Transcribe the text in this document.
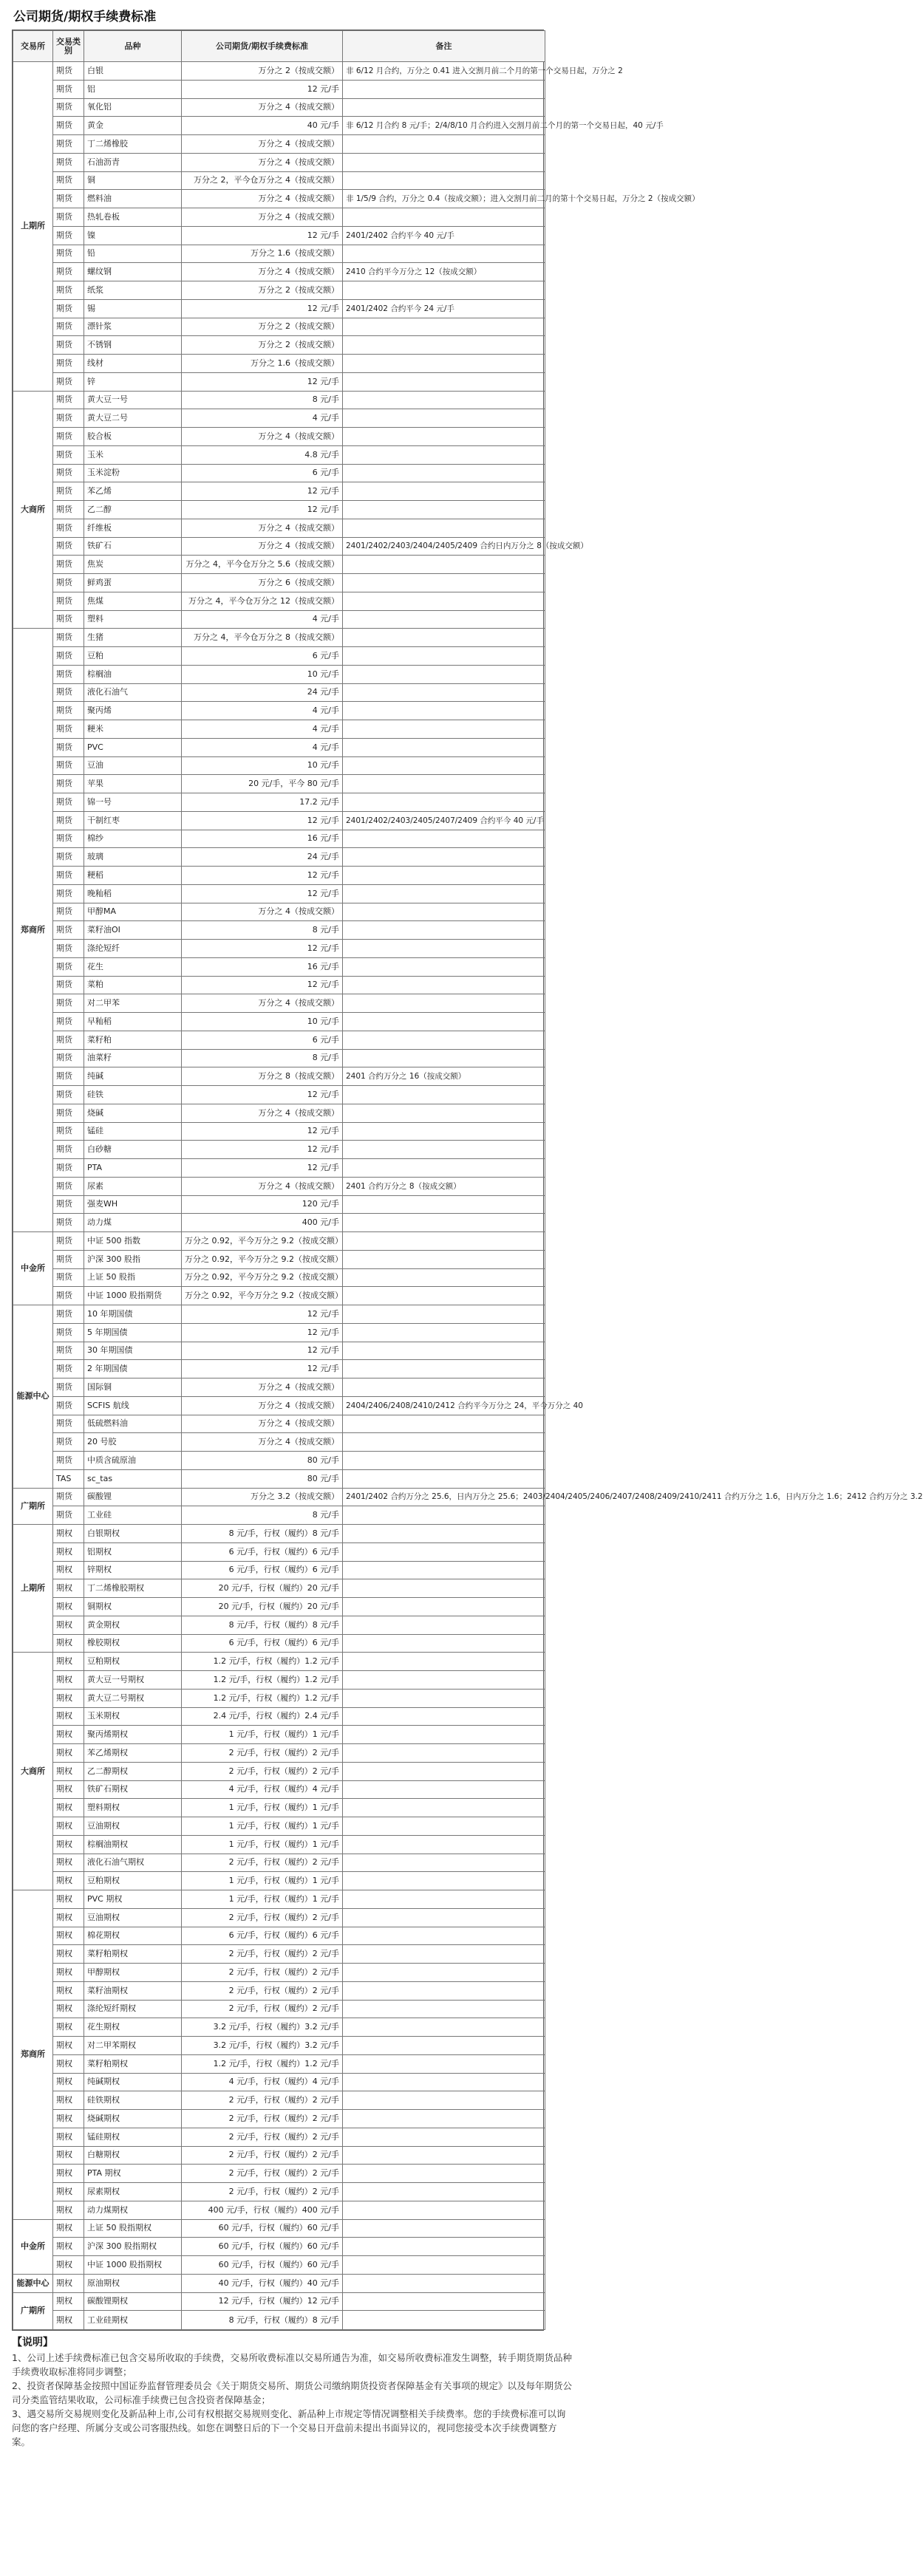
公司期货/期权手续费标准
交易所	交易类别	品种	公司期货/期权手续费标准	备注
上期所	期货	白银	万分之 2（按成交额）	非 6/12 月合约，万分之 0.41 进入交割月前二个月的第一个交易日起，万分之 2
	期货	铝	12 元/手	
	期货	氧化铝	万分之 4（按成交额）	
	期货	黄金	40 元/手	非 6/12 月合约 8 元/手；2/4/8/10 月合约进入交割月前二个月的第一个交易日起，40 元/手
	期货	丁二烯橡胶	万分之 4（按成交额）	
	期货	石油沥青	万分之 4（按成交额）	
	期货	铜	万分之 2，平今仓万分之 4（按成交额）	
	期货	燃料油	万分之 4（按成交额）	非 1/5/9 合约，万分之 0.4（按成交额）；进入交割月前二月的第十个交易日起，万分之 2（按成交额）
	期货	热轧卷板	万分之 4（按成交额）	
	期货	镍	12 元/手	2401/2402 合约平今 40 元/手
	期货	铅	万分之 1.6（按成交额）	
	期货	螺纹钢	万分之 4（按成交额）	2410 合约平今万分之 12（按成交额）
	期货	纸浆	万分之 2（按成交额）	
	期货	锡	12 元/手	2401/2402 合约平今 24 元/手
	期货	漂针浆	万分之 2（按成交额）	
	期货	不锈钢	万分之 2（按成交额）	
	期货	线材	万分之 1.6（按成交额）	
	期货	锌	12 元/手	
大商所	期货	黄大豆一号	8 元/手	
	期货	黄大豆二号	4 元/手	
	期货	胶合板	万分之 4（按成交额）	
	期货	玉米	4.8 元/手	
	期货	玉米淀粉	6 元/手	
	期货	苯乙烯	12 元/手	
	期货	乙二醇	12 元/手	
	期货	纤维板	万分之 4（按成交额）	
	期货	铁矿石	万分之 4（按成交额）	2401/2402/2403/2404/2405/2409 合约日内万分之 8（按成交额）
	期货	焦炭	万分之 4，平今仓万分之 5.6（按成交额）	
	期货	鲜鸡蛋	万分之 6（按成交额）	
	期货	焦煤	万分之 4，平今仓万分之 12（按成交额）	
	期货	塑料	4 元/手	
郑商所	期货	生猪	万分之 4，平今仓万分之 8（按成交额）	
	期货	豆粕	6 元/手	
	期货	棕榈油	10 元/手	
	期货	液化石油气	24 元/手	
	期货	聚丙烯	4 元/手	
	期货	粳米	4 元/手	
	期货	PVC	4 元/手	
	期货	豆油	10 元/手	
	期货	苹果	20 元/手，平今 80 元/手	
	期货	锦一号	17.2 元/手	
	期货	干制红枣	12 元/手	2401/2402/2403/2405/2407/2409 合约平今 40 元/手
	期货	棉纱	16 元/手	
	期货	玻璃	24 元/手	
	期货	粳稻	12 元/手	
	期货	晚籼稻	12 元/手	
	期货	甲醇MA	万分之 4（按成交额）	
	期货	菜籽油OI	8 元/手	
	期货	涤纶短纤	12 元/手	
	期货	花生	16 元/手	
	期货	菜粕	12 元/手	
	期货	对二甲苯	万分之 4（按成交额）	
	期货	早籼稻	10 元/手	
	期货	菜籽粕	6 元/手	
	期货	油菜籽	8 元/手	
	期货	纯碱	万分之 8（按成交额）	2401 合约万分之 16（按成交额）
	期货	硅铁	12 元/手	
	期货	烧碱	万分之 4（按成交额）	
	期货	锰硅	12 元/手	
	期货	白砂糖	12 元/手	
	期货	PTA	12 元/手	
	期货	尿素	万分之 4（按成交额）	2401 合约万分之 8（按成交额）
	期货	强麦WH	120 元/手	
	期货	动力煤	400 元/手	
中金所	期货	中证 500 指数	万分之 0.92，平今万分之 9.2（按成交额）	
	期货	沪深 300 股指	万分之 0.92，平今万分之 9.2（按成交额）	
	期货	上证 50 股指	万分之 0.92，平今万分之 9.2（按成交额）	
	期货	中证 1000 股指期货	万分之 0.92，平今万分之 9.2（按成交额）	
能源中心	期货	10 年期国债	12 元/手	
	期货	5 年期国债	12 元/手	
	期货	30 年期国债	12 元/手	
	期货	2 年期国债	12 元/手	
	期货	国际铜	万分之 4（按成交额）	
	期货	SCFIS 航线	万分之 4（按成交额）	2404/2406/2408/2410/2412 合约平今万分之 24，平今万分之 40
	期货	低硫燃料油	万分之 4（按成交额）	
	期货	20 号胶	万分之 4（按成交额）	
	期货	中质含硫原油	80 元/手	
	TAS	sc_tas	80 元/手	
广期所	期货	碳酸锂	万分之 3.2（按成交额）	2401/2402 合约万分之 25.6，日内万分之 25.6；2403/2404/2405/2406/2407/2408/2409/2410/2411 合约万分之 1.6，日内万分之 1.6；2412 合约万分之 3.2
	期货	工业硅	8 元/手	
上期所	期权	白银期权	8 元/手，行权（履约）8 元/手	
	期权	铝期权	6 元/手，行权（履约）6 元/手	
	期权	锌期权	6 元/手，行权（履约）6 元/手	
	期权	丁二烯橡胶期权	20 元/手，行权（履约）20 元/手	
	期权	铜期权	20 元/手，行权（履约）20 元/手	
	期权	黄金期权	8 元/手，行权（履约）8 元/手	
	期权	橡胶期权	6 元/手，行权（履约）6 元/手	
大商所	期权	豆粕期权	1.2 元/手，行权（履约）1.2 元/手	
	期权	黄大豆一号期权	1.2 元/手，行权（履约）1.2 元/手	
	期权	黄大豆二号期权	1.2 元/手，行权（履约）1.2 元/手	
	期权	玉米期权	2.4 元/手，行权（履约）2.4 元/手	
	期权	聚丙烯期权	1 元/手，行权（履约）1 元/手	
	期权	苯乙烯期权	2 元/手，行权（履约）2 元/手	
	期权	乙二醇期权	2 元/手，行权（履约）2 元/手	
	期权	铁矿石期权	4 元/手，行权（履约）4 元/手	
	期权	塑料期权	1 元/手，行权（履约）1 元/手	
	期权	豆油期权	1 元/手，行权（履约）1 元/手	
	期权	棕榈油期权	1 元/手，行权（履约）1 元/手	
	期权	液化石油气期权	2 元/手，行权（履约）2 元/手	
	期权	豆粕期权	1 元/手，行权（履约）1 元/手	
郑商所	期权	PVC 期权	1 元/手，行权（履约）1 元/手	
	期权	豆油期权	2 元/手，行权（履约）2 元/手	
	期权	棉花期权	6 元/手，行权（履约）6 元/手	
	期权	菜籽粕期权	2 元/手，行权（履约）2 元/手	
	期权	甲醇期权	2 元/手，行权（履约）2 元/手	
	期权	菜籽油期权	2 元/手，行权（履约）2 元/手	
	期权	涤纶短纤期权	2 元/手，行权（履约）2 元/手	
	期权	花生期权	3.2 元/手，行权（履约）3.2 元/手	
	期权	对二甲苯期权	3.2 元/手，行权（履约）3.2 元/手	
	期权	菜籽粕期权	1.2 元/手，行权（履约）1.2 元/手	
	期权	纯碱期权	4 元/手，行权（履约）4 元/手	
	期权	硅铁期权	2 元/手，行权（履约）2 元/手	
	期权	烧碱期权	2 元/手，行权（履约）2 元/手	
	期权	锰硅期权	2 元/手，行权（履约）2 元/手	
	期权	白糖期权	2 元/手，行权（履约）2 元/手	
	期权	PTA 期权	2 元/手，行权（履约）2 元/手	
	期权	尿素期权	2 元/手，行权（履约）2 元/手	
	期权	动力煤期权	400 元/手，行权（履约）400 元/手	
中金所	期权	上证 50 股指期权	60 元/手，行权（履约）60 元/手	
	期权	沪深 300 股指期权	60 元/手，行权（履约）60 元/手	
	期权	中证 1000 股指期权	60 元/手，行权（履约）60 元/手	
能源中心	期权	原油期权	40 元/手，行权（履约）40 元/手	
广期所	期权	碳酸锂期权	12 元/手，行权（履约）12 元/手	
	期权	工业硅期权	8 元/手，行权（履约）8 元/手	
【说明】
1、公司上述手续费标准已包含交易所收取的手续费，交易所收费标准以交易所通告为准，如交易所收费标准发生调整，转手期货期货品种手续费收取标准将同步调整；
2、投资者保障基金按照中国证券监督管理委员会《关于期货交易所、期货公司缴纳期货投资者保障基金有关事项的规定》以及每年期货公司分类监管结果收取，公司标准手续费已包含投资者保障基金；
3、遇交易所交易规则变化及新品种上市,公司有权根据交易规则变化、新品种上市规定等情况调整相关手续费率。您的手续费标准可以询问您的客户经理、所属分支或公司客服热线。如您在调整日后的下一个交易日开盘前未提出书面异议的，视同您接受本次手续费调整方案。
